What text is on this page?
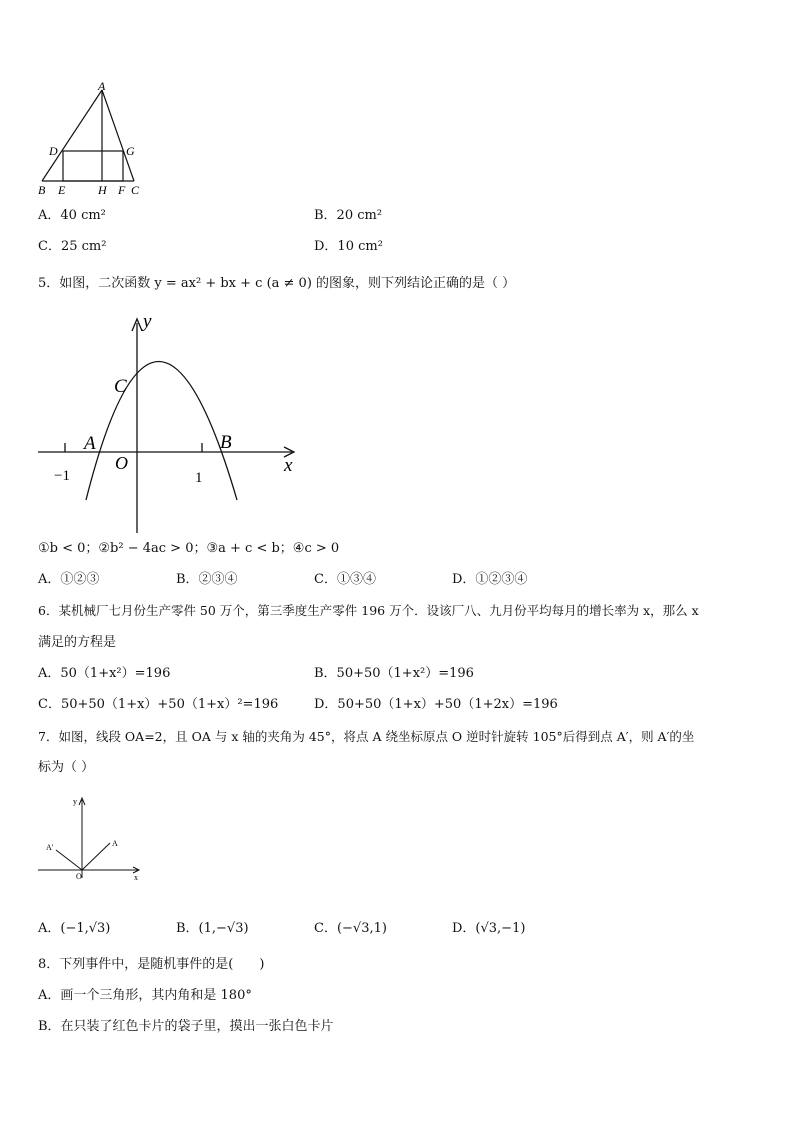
A
D	G
B E	H F C
A．40 cm²	B．20 cm²
C．25 cm²	D．10 cm²
5．如图，二次函数 y = ax² + bx + c (a ≠ 0) 的图象，则下列结论正确的是（ ）
y
x
C
A	B
O
−1	1
①b < 0；②b² − 4ac > 0；③a + c < b；④c > 0
A．①②③	B．②③④	C．①③④	D．①②③④
6．某机械厂七月份生产零件 50 万个，第三季度生产零件 196 万个．设该厂八、九月份平均每月的增长率为 x，那么 x
满足的方程是
A．50（1+x²）=196	B．50+50（1+x²）=196
C．50+50（1+x）+50（1+x）²=196	D．50+50（1+x）+50（1+2x）=196
7．如图，线段 OA=2，且 OA 与 x 轴的夹角为 45°，将点 A 绕坐标原点 O 逆时针旋转 105°后得到点 A′，则 A′的坐
标为（ ）
y
x
O
A
A′
A．(−1,√3)	B．(1,−√3)	C．(−√3,1)	D．(√3,−1)
8．下列事件中，是随机事件的是(　　)
A．画一个三角形，其内角和是 180°
B．在只装了红色卡片的袋子里，摸出一张白色卡片
